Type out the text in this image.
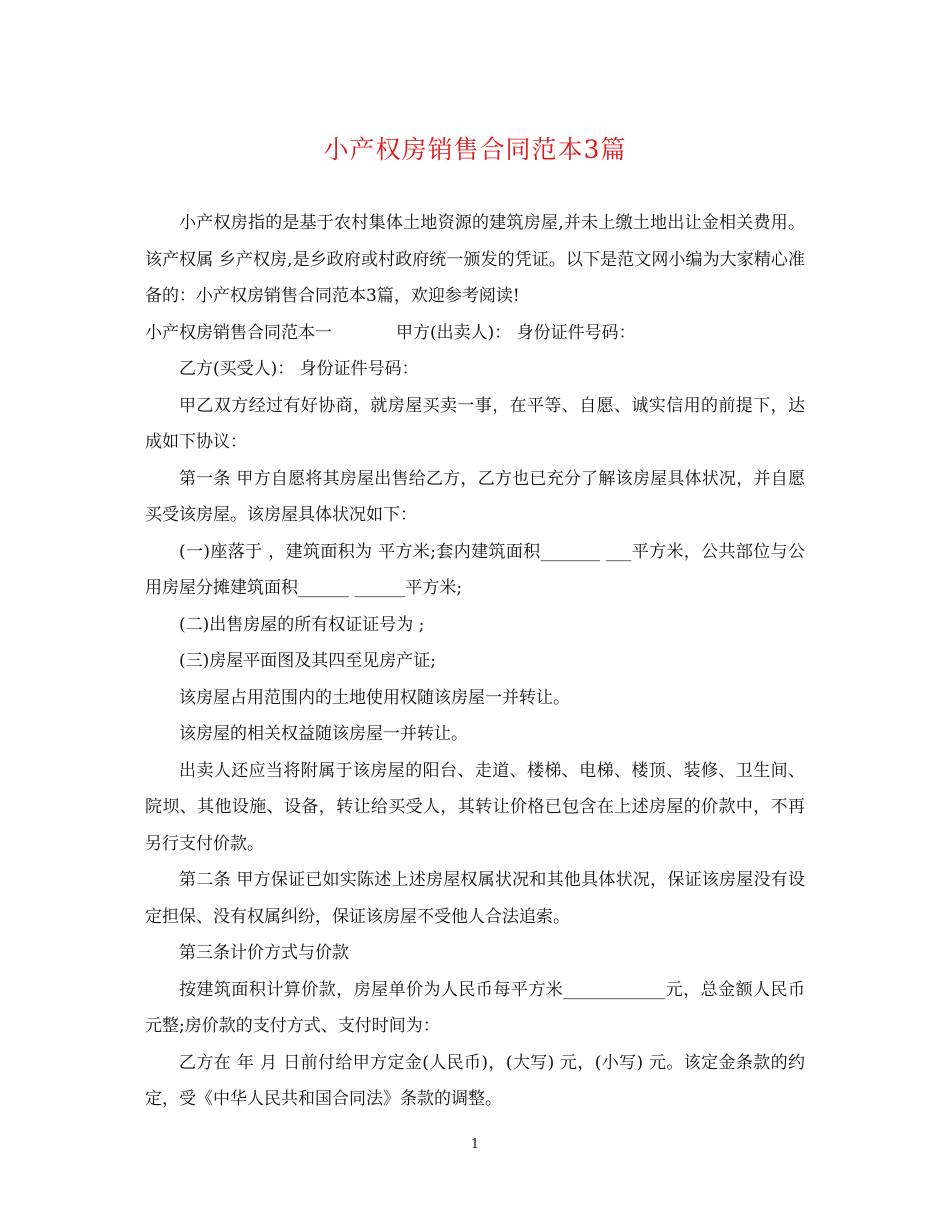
小产权房销售合同范本3篇

小产权房指的是基于农村集体土地资源的建筑房屋,并未上缴土地出让金相关费用。该产权属 乡产权房,是乡政府或村政府统一颁发的凭证。以下是范文网小编为大家精心准备的：小产权房销售合同范本3篇，欢迎参考阅读!

小产权房销售合同范本一	甲方(出卖人)： 身份证件号码：

乙方(买受人)： 身份证件号码：

甲乙双方经过有好协商，就房屋买卖一事，在平等、自愿、诚实信用的前提下，达成如下协议：

第一条 甲方自愿将其房屋出售给乙方，乙方也已充分了解该房屋具体状况，并自愿买受该房屋。该房屋具体状况如下：

(一)座落于 ，建筑面积为 平方米;套内建筑面积_______ ___平方米，公共部位与公用房屋分摊建筑面积______ ______平方米;

(二)出售房屋的所有权证证号为 ;

(三)房屋平面图及其四至见房产证;

该房屋占用范围内的土地使用权随该房屋一并转让。

该房屋的相关权益随该房屋一并转让。

出卖人还应当将附属于该房屋的阳台、走道、楼梯、电梯、楼顶、装修、卫生间、院坝、其他设施、设备，转让给买受人，其转让价格已包含在上述房屋的价款中，不再另行支付价款。

第二条 甲方保证已如实陈述上述房屋权属状况和其他具体状况，保证该房屋没有设定担保、没有权属纠纷，保证该房屋不受他人合法追索。

第三条计价方式与价款

按建筑面积计算价款，房屋单价为人民币每平方米____________元，总金额人民币 元整;房价款的支付方式、支付时间为：

乙方在 年 月 日前付给甲方定金(人民币)，(大写) 元，(小写) 元。该定金条款的约定，受《中华人民共和国合同法》条款的调整。

1
